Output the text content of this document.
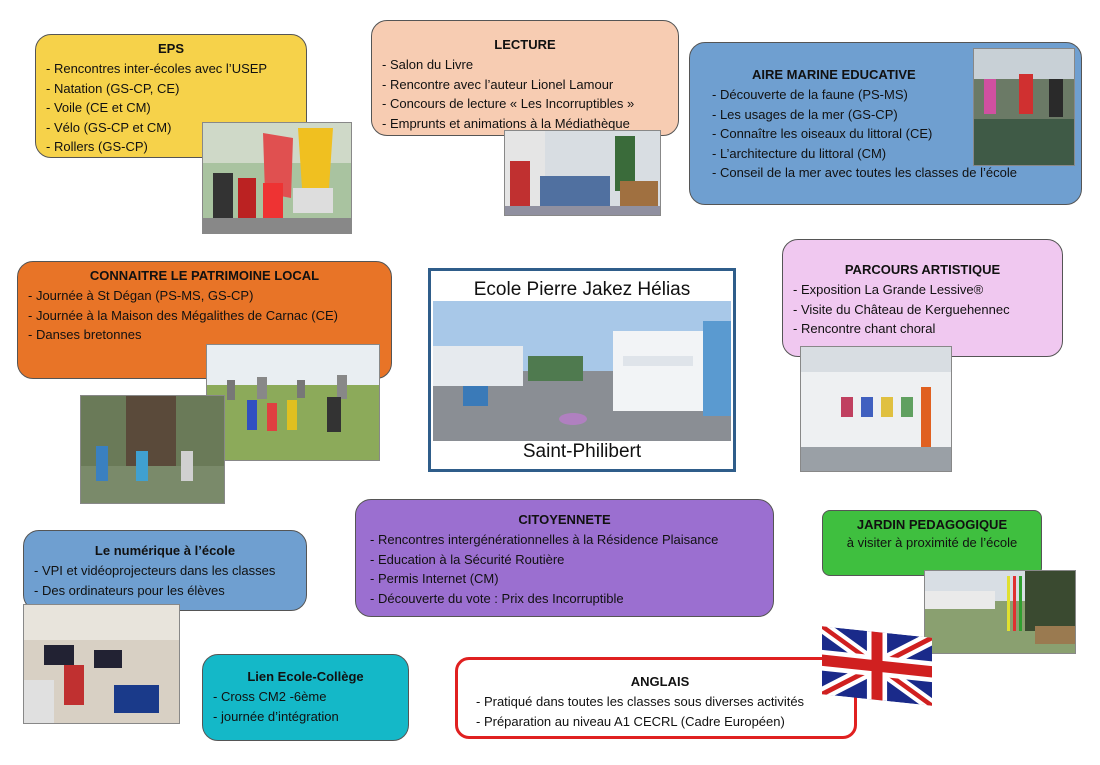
EPS
- Rencontres inter-écoles avec l’USEP
- Natation (GS-CP, CE)
- Voile (CE et CM)
- Vélo (GS-CP et CM)
- Rollers (GS-CP)
LECTURE
- Salon du Livre
- Rencontre avec l’auteur Lionel Lamour
- Concours de lecture « Les Incorruptibles »
- Emprunts et animations à la Médiathèque
AIRE MARINE EDUCATIVE
- Découverte de la faune (PS-MS)
- Les usages de la mer (GS-CP)
- Connaître les oiseaux du littoral (CE)
- L’architecture du littoral (CM)
- Conseil de la mer avec toutes les classes de l’école
CONNAITRE LE PATRIMOINE LOCAL
- Journée à St Dégan (PS-MS, GS-CP)
- Journée à la Maison des Mégalithes de Carnac (CE)
- Danses bretonnes
Ecole Pierre Jakez Hélias
Saint-Philibert
PARCOURS ARTISTIQUE
- Exposition La Grande Lessive®
- Visite du Château de Kerguehennec
- Rencontre chant choral
Le numérique à l’école
- VPI et vidéoprojecteurs dans les classes
- Des ordinateurs pour les élèves
CITOYENNETE
- Rencontres intergénérationnelles à la Résidence Plaisance
- Education à la Sécurité Routière
- Permis Internet (CM)
- Découverte du vote : Prix des Incorruptible
JARDIN PEDAGOGIQUE
à visiter à proximité de l’école
Lien Ecole-Collège
- Cross CM2 -6ème
- journée d’intégration
ANGLAIS
- Pratiqué dans toutes les classes sous diverses activités
- Préparation au niveau A1 CECRL (Cadre Européen)
